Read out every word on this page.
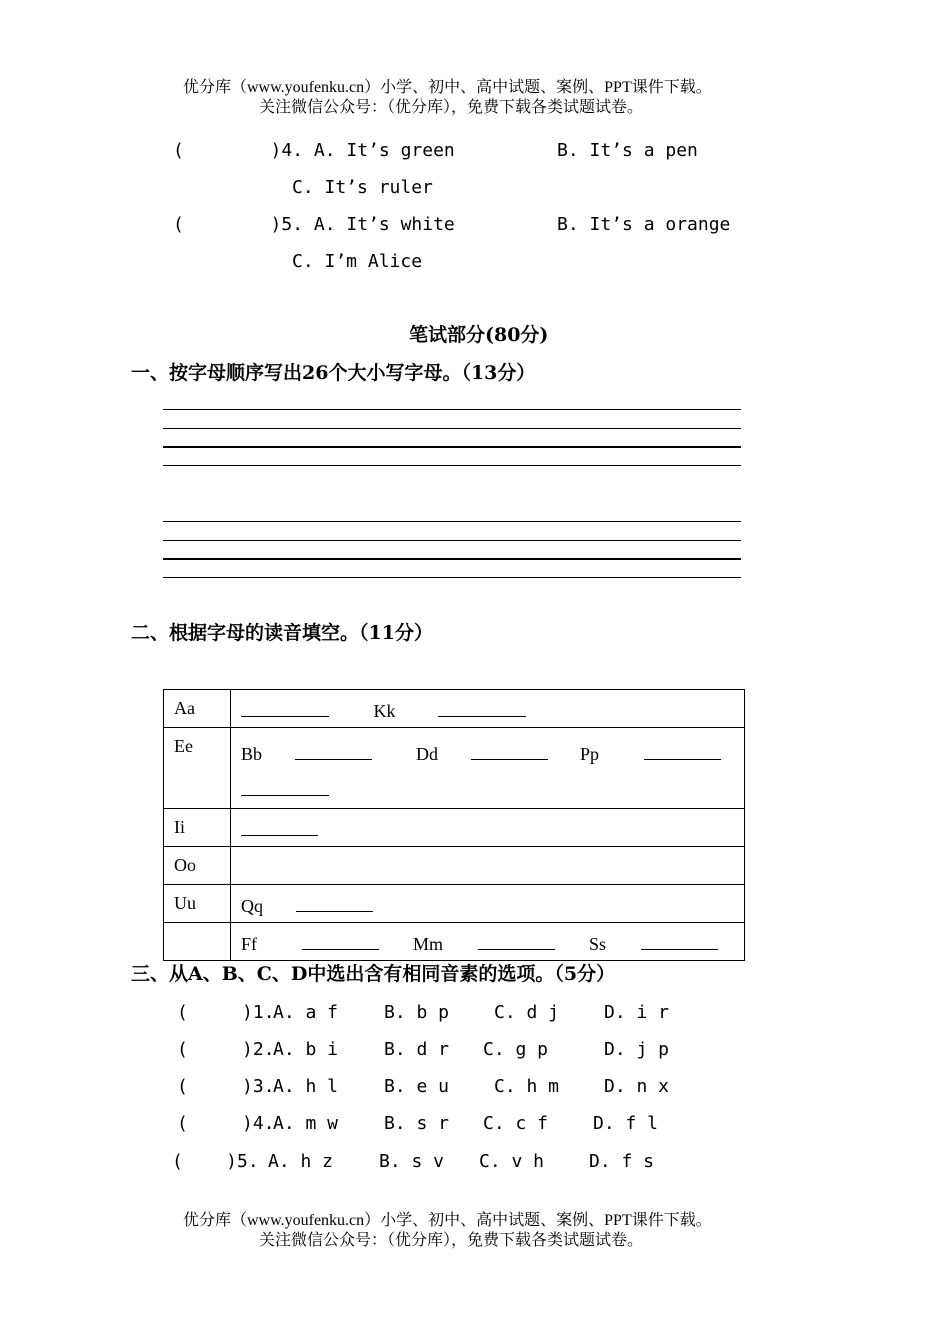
优分库（www.youfenku.cn）小学、初中、高中试题、案例、PPT课件下载。
关注微信公众号：（优分库），免费下载各类试题试卷。
(        )4. A. It’s green	B. It’s a pen
C. It’s ruler
(        )5. A. It’s white	B. It’s a orange
C. I’m Alice
笔试部分(80分)
一、按字母顺序写出26个大小写字母。（13分）
二、根据字母的读音填空。（11分）
Aa	Kk
Ee	Bb Dd Pp

Ii	
Oo	
Uu	Qq
	Ff Mm Ss
三、从A、B、C、D中选出含有相同音素的选项。（5分）
(     )1.
A. a f	B. b p C. d j D. i r
(     )2.
A. b i	B. d r C. g p	D. j p
(     )3.
A. h l	B. e u C. h m D. n x
(     )4.
A. m w	B. s r C. c f D. f l
(    )5. A. h z	B. s v C. v h D. f s
优分库（www.youfenku.cn）小学、初中、高中试题、案例、PPT课件下载。
关注微信公众号：（优分库），免费下载各类试题试卷。
